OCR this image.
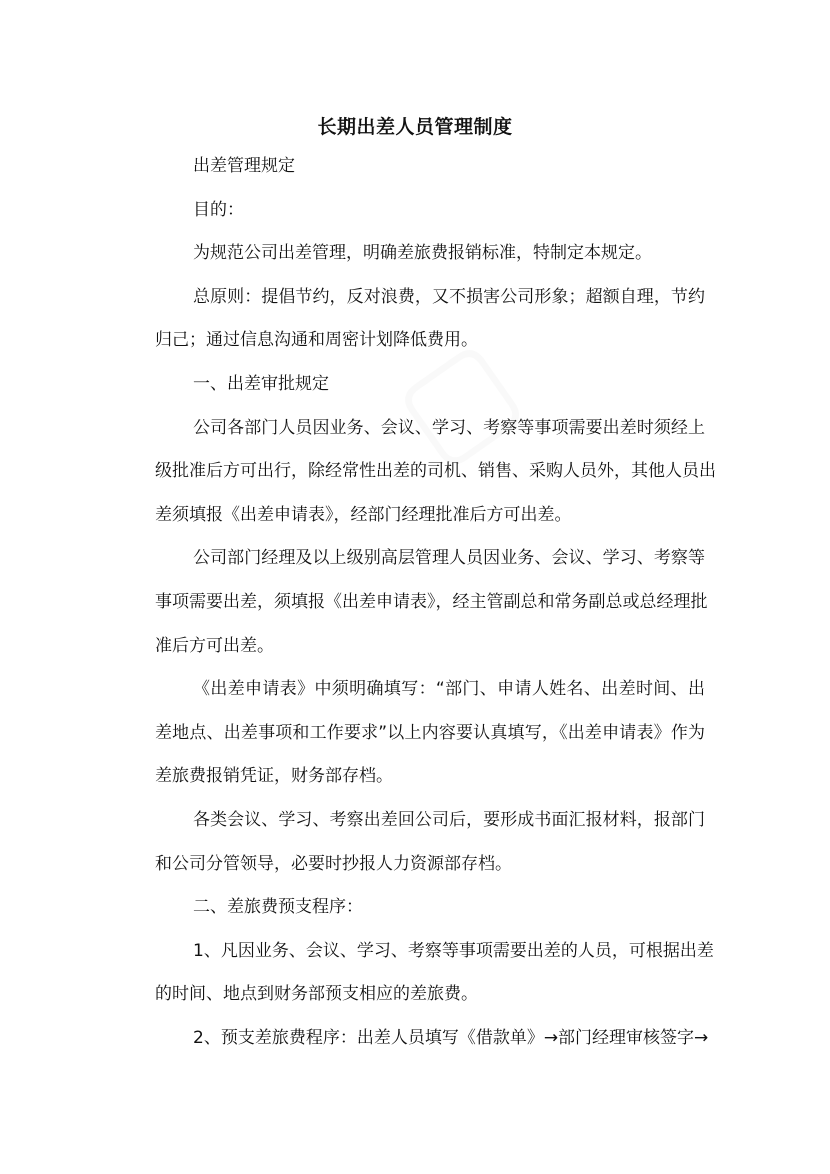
长期出差人员管理制度
出差管理规定
目的：
为规范公司出差管理，明确差旅费报销标准，特制定本规定。
总原则：提倡节约，反对浪费，又不损害公司形象；超额自理，节约
归己；通过信息沟通和周密计划降低费用。
一、出差审批规定
公司各部门人员因业务、会议、学习、考察等事项需要出差时须经上
级批准后方可出行，除经常性出差的司机、销售、采购人员外，其他人员出
差须填报《出差申请表》，经部门经理批准后方可出差。
公司部门经理及以上级别高层管理人员因业务、会议、学习、考察等
事项需要出差，须填报《出差申请表》，经主管副总和常务副总或总经理批
准后方可出差。
《出差申请表》中须明确填写：“部门、申请人姓名、出差时间、出
差地点、出差事项和工作要求”以上内容要认真填写，《出差申请表》作为
差旅费报销凭证，财务部存档。
各类会议、学习、考察出差回公司后，要形成书面汇报材料，报部门
和公司分管领导，必要时抄报人力资源部存档。
二、差旅费预支程序：
1、凡因业务、会议、学习、考察等事项需要出差的人员，可根据出差
的时间、地点到财务部预支相应的差旅费。
2、预支差旅费程序：出差人员填写《借款单》→部门经理审核签字→
